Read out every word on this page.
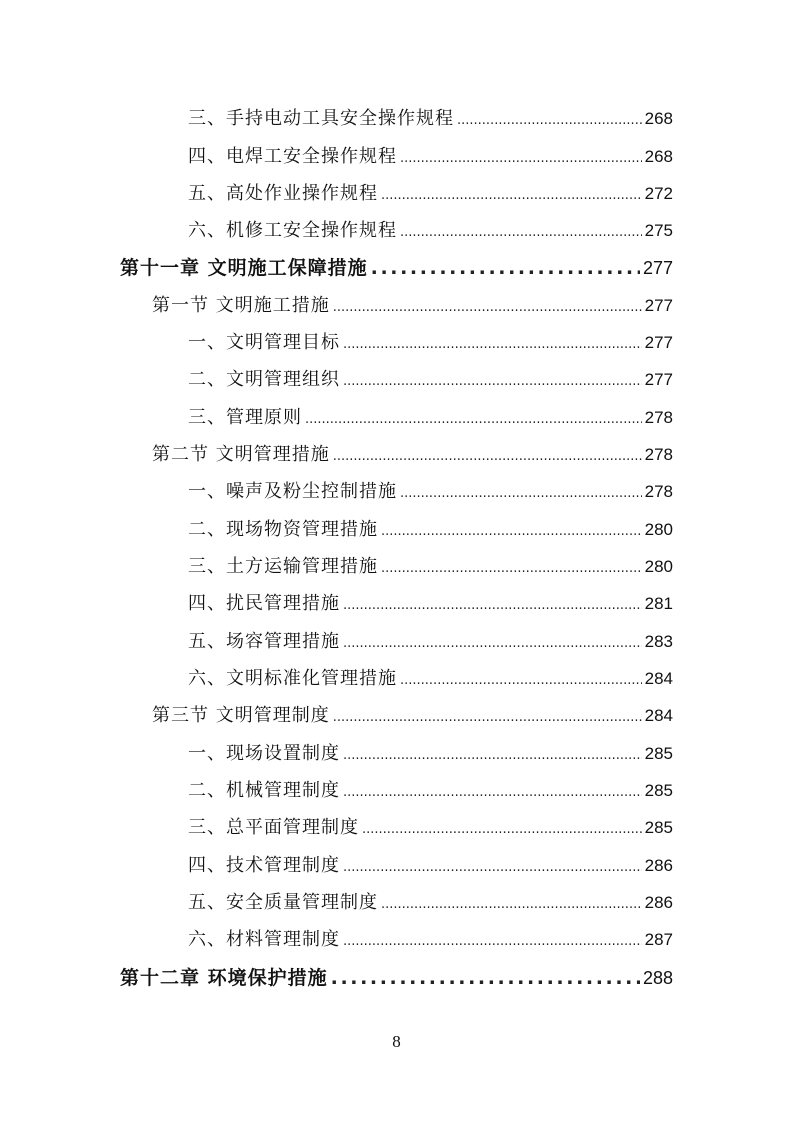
三、手持电动工具安全操作规程 .....	268
四、电焊工安全操作规程 .....	268
五、高处作业操作规程 .....	272
六、机修工安全操作规程 .....	275
第十一章 文明施工保障措施 .....	277
第一节 文明施工措施 .....	277
一、文明管理目标 .....	277
二、文明管理组织 .....	277
三、管理原则 .....	278
第二节 文明管理措施 .....	278
一、噪声及粉尘控制措施 .....	278
二、现场物资管理措施 .....	280
三、土方运输管理措施 .....	280
四、扰民管理措施 .....	281
五、场容管理措施 .....	283
六、文明标准化管理措施 .....	284
第三节 文明管理制度 .....	284
一、现场设置制度 .....	285
二、机械管理制度 .....	285
三、总平面管理制度 .....	285
四、技术管理制度 .....	286
五、安全质量管理制度 .....	286
六、材料管理制度 .....	287
第十二章 环境保护措施 .....	288
8
